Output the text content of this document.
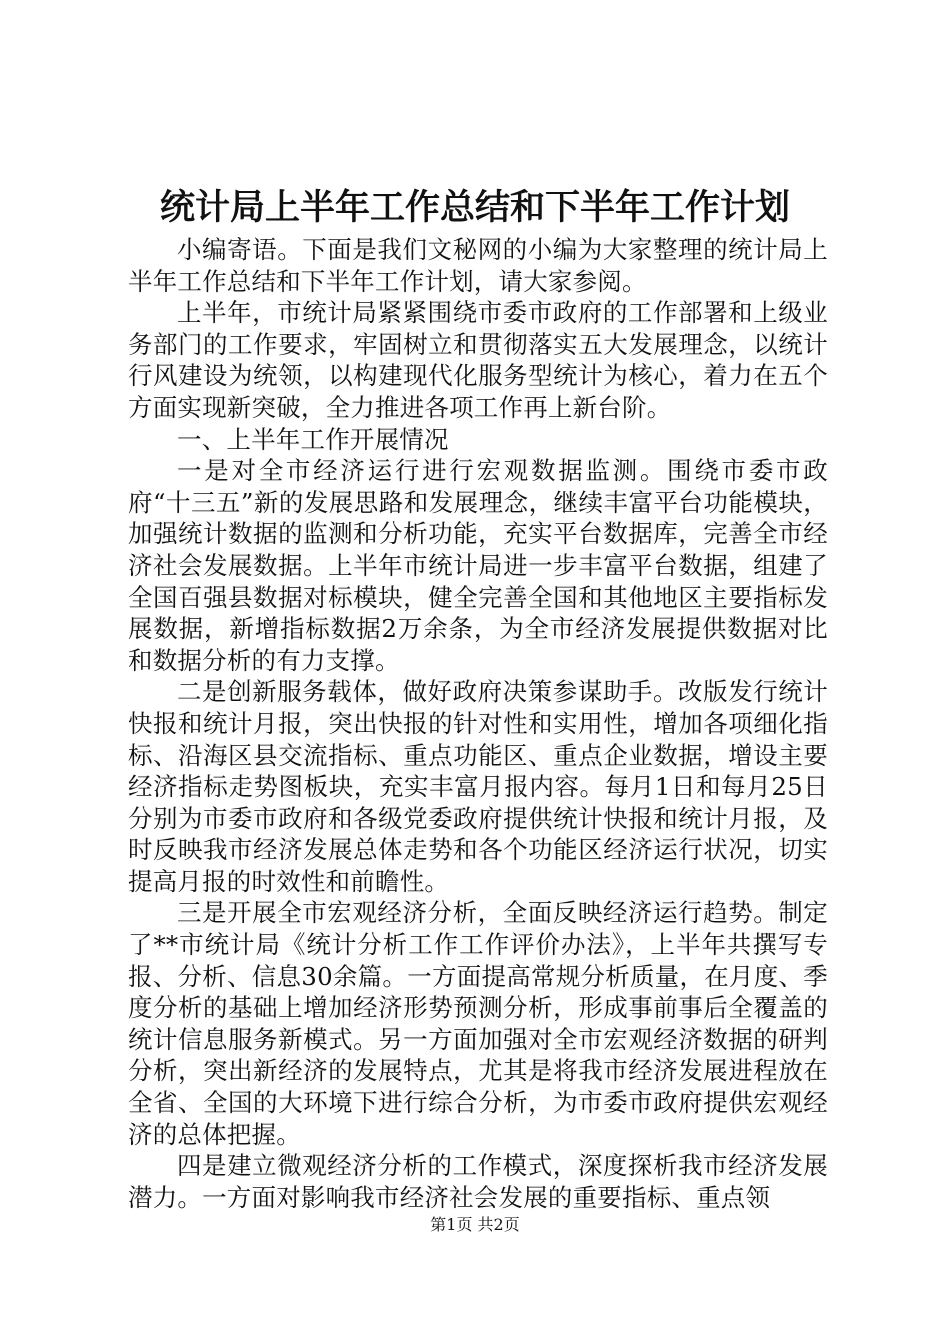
统计局上半年工作总结和下半年工作计划

小编寄语。下面是我们文秘网的小编为大家整理的统计局上半年工作总结和下半年工作计划，请大家参阅。

上半年，市统计局紧紧围绕市委市政府的工作部署和上级业务部门的工作要求，牢固树立和贯彻落实五大发展理念，以统计行风建设为统领，以构建现代化服务型统计为核心，着力在五个方面实现新突破，全力推进各项工作再上新台阶。

一、上半年工作开展情况

一是对全市经济运行进行宏观数据监测。围绕市委市政府“十三五”新的发展思路和发展理念，继续丰富平台功能模块，加强统计数据的监测和分析功能，充实平台数据库，完善全市经济社会发展数据。上半年市统计局进一步丰富平台数据，组建了全国百强县数据对标模块，健全完善全国和其他地区主要指标发展数据，新增指标数据2万余条，为全市经济发展提供数据对比和数据分析的有力支撑。

二是创新服务载体，做好政府决策参谋助手。改版发行统计快报和统计月报，突出快报的针对性和实用性，增加各项细化指标、沿海区县交流指标、重点功能区、重点企业数据，增设主要经济指标走势图板块，充实丰富月报内容。每月1日和每月25日分别为市委市政府和各级党委政府提供统计快报和统计月报，及时反映我市经济发展总体走势和各个功能区经济运行状况，切实提高月报的时效性和前瞻性。

三是开展全市宏观经济分析，全面反映经济运行趋势。制定了**市统计局《统计分析工作工作评价办法》，上半年共撰写专报、分析、信息30余篇。一方面提高常规分析质量，在月度、季度分析的基础上增加经济形势预测分析，形成事前事后全覆盖的统计信息服务新模式。另一方面加强对全市宏观经济数据的研判分析，突出新经济的发展特点，尤其是将我市经济发展进程放在全省、全国的大环境下进行综合分析，为市委市政府提供宏观经济的总体把握。

四是建立微观经济分析的工作模式，深度探析我市经济发展潜力。一方面对影响我市经济社会发展的重要指标、重点领

第1页 共2页
